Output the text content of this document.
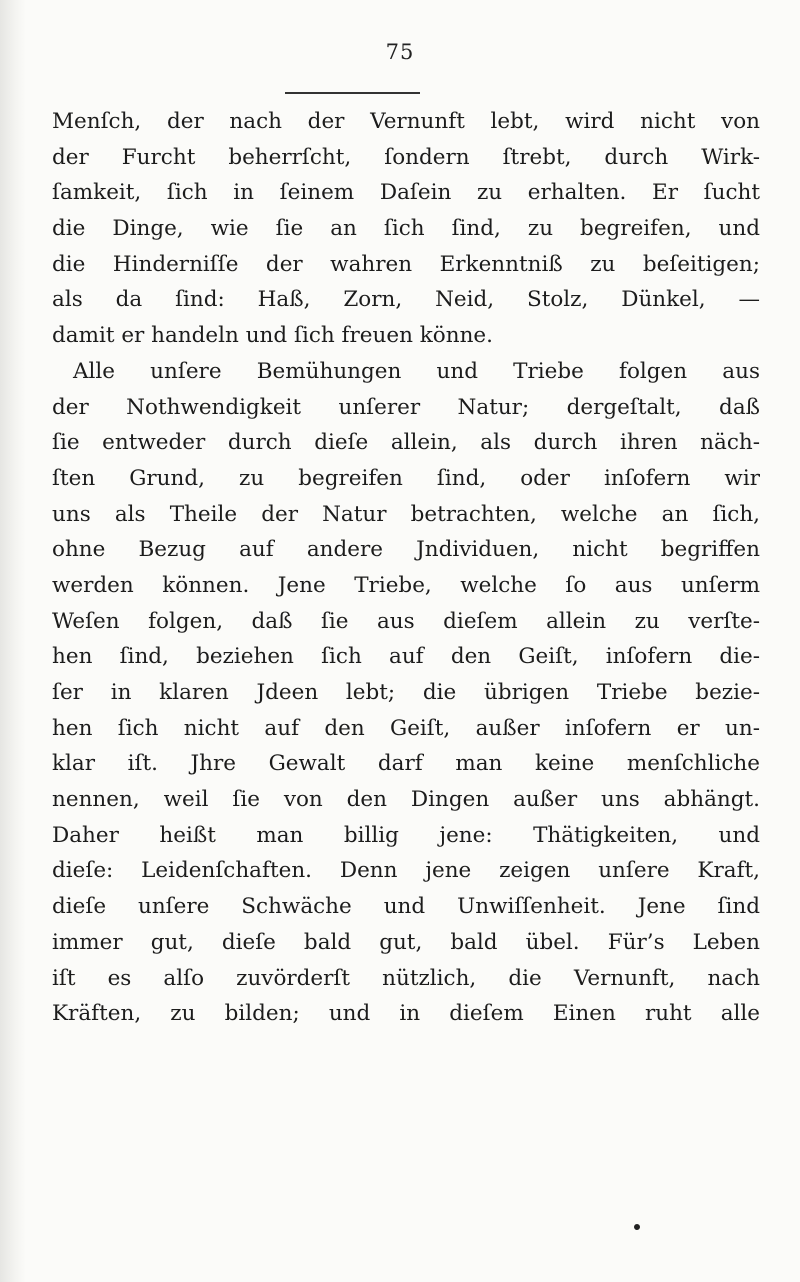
75
Menſch, der nach der Vernunft lebt, wird nicht von
der Furcht beherrſcht, ſondern ſtrebt, durch Wirk-
ſamkeit, ſich in ſeinem Daſein zu erhalten. Er ſucht
die Dinge, wie ſie an ſich ſind, zu begreifen, und
die Hinderniſſe der wahren Erkenntniß zu beſeitigen;
als da ſind: Haß, Zorn, Neid, Stolz, Dünkel, —
damit er handeln und ſich freuen könne.
Alle unſere Bemühungen und Triebe folgen aus
der Nothwendigkeit unſerer Natur; dergeſtalt, daß
ſie entweder durch dieſe allein, als durch ihren näch-
ſten Grund, zu begreifen ſind, oder inſofern wir
uns als Theile der Natur betrachten, welche an ſich,
ohne Bezug auf andere Jndividuen, nicht begriffen
werden können. Jene Triebe, welche ſo aus unſerm
Weſen folgen, daß ſie aus dieſem allein zu verſte-
hen ſind, beziehen ſich auf den Geiſt, inſofern die-
ſer in klaren Jdeen lebt; die übrigen Triebe bezie-
hen ſich nicht auf den Geiſt, außer inſofern er un-
klar iſt. Jhre Gewalt darf man keine menſchliche
nennen, weil ſie von den Dingen außer uns abhängt.
Daher heißt man billig jene: Thätigkeiten, und
dieſe: Leidenſchaften. Denn jene zeigen unſere Kraft,
dieſe unſere Schwäche und Unwiſſenheit. Jene ſind
immer gut, dieſe bald gut, bald übel. Für’s Leben
iſt es alſo zuvörderſt nützlich, die Vernunft, nach
Kräften, zu bilden; und in dieſem Einen ruht alle
